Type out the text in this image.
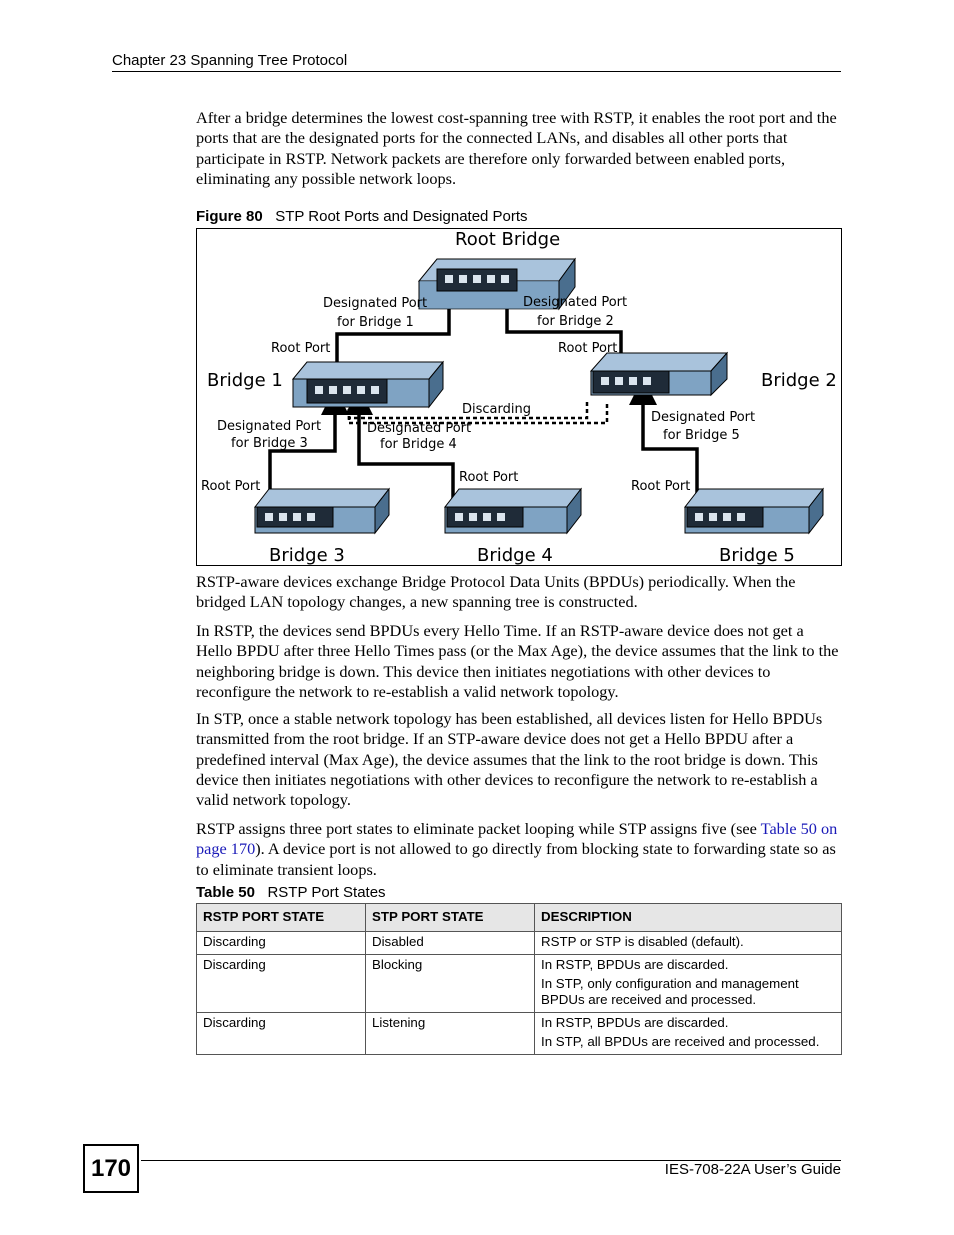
Chapter 23 Spanning Tree Protocol

After a bridge determines the lowest cost-spanning tree with RSTP, it enables the root port and the ports that are the designated ports for the connected LANs, and disables all other ports that participate in RSTP. Network packets are therefore only forwarded between enabled ports, eliminating any possible network loops.

Figure 80 STP Root Ports and Designated Ports
Root Bridge
Bridge 1	Bridge 2
Bridge 3	Bridge 4	Bridge 5
Designated Port
for Bridge 1
Designated Port
for Bridge 2
Root Port	Root Port
Discarding
Designated Port
for Bridge 3
Designated Port
for Bridge 4
Designated Port
for Bridge 5
Root Port
Root Port
Root Port

RSTP-aware devices exchange Bridge Protocol Data Units (BPDUs) periodically. When the bridged LAN topology changes, a new spanning tree is constructed.

In RSTP, the devices send BPDUs every Hello Time. If an RSTP-aware device does not get a Hello BPDU after three Hello Times pass (or the Max Age), the device assumes that the link to the neighboring bridge is down. This device then initiates negotiations with other devices to reconfigure the network to re-establish a valid network topology.

In STP, once a stable network topology has been established, all devices listen for Hello BPDUs transmitted from the root bridge. If an STP-aware device does not get a Hello BPDU after a predefined interval (Max Age), the device assumes that the link to the root bridge is down. This device then initiates negotiations with other devices to reconfigure the network to re-establish a valid network topology.

RSTP assigns three port states to eliminate packet looping while STP assigns five (see Table 50 on page 170). A device port is not allowed to go directly from blocking state to forwarding state so as to eliminate transient loops.

Table 50 RSTP Port States
RSTP PORT STATE	STP PORT STATE	DESCRIPTION
Discarding	Disabled	RSTP or STP is disabled (default).

Discarding	Blocking	In RSTP, BPDUs are discarded.
In STP, only configuration and management BPDUs are received and processed.

Discarding	Listening	In RSTP, BPDUs are discarded.
In STP, all BPDUs are received and processed.
170	IES-708-22A User’s Guide
